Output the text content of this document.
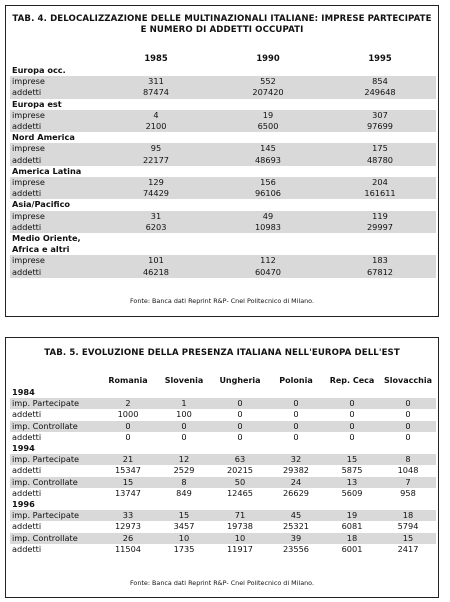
TAB. 4. DELOCALIZZAZIONE DELLE MULTINAZIONALI ITALIANE: IMPRESE PARTECIPATE
E NUMERO DI ADDETTI OCCUPATI
	1985	1990	1995
Europa occ.			
imprese	311	552	854
addetti	87474	207420	249648
Europa est			
imprese	4	19	307
addetti	2100	6500	97699
Nord America			
imprese	95	145	175
addetti	22177	48693	48780
America Latina			
imprese	129	156	204
addetti	74429	96106	161611
Asia/Pacifico			
imprese	31	49	119
addetti	6203	10983	29997
Medio Oriente,			
Africa e altri			
imprese	101	112	183
addetti	46218	60470	67812
Fonte: Banca dati Reprint R&P- Cnel Politecnico di Milano.
TAB. 5. EVOLUZIONE DELLA PRESENZA ITALIANA NELL'EUROPA DELL'EST
	Romania	Slovenia	Ungheria	Polonia	Rep. Ceca	Slovacchia
1984						
imp. Partecipate	2	1	0	0	0	0
addetti	1000	100	0	0	0	0
imp. Controllate	0	0	0	0	0	0
addetti	0	0	0	0	0	0
1994						
imp. Partecipate	21	12	63	32	15	8
addetti	15347	2529	20215	29382	5875	1048
imp. Controllate	15	8	50	24	13	7
addetti	13747	849	12465	26629	5609	958
1996						
imp. Partecipate	33	15	71	45	19	18
addetti	12973	3457	19738	25321	6081	5794
imp. Controllate	26	10	10	39	18	15
addetti	11504	1735	11917	23556	6001	2417
Fonte: Banca dati Reprint R&P- Cnel Politecnico di Milano.
